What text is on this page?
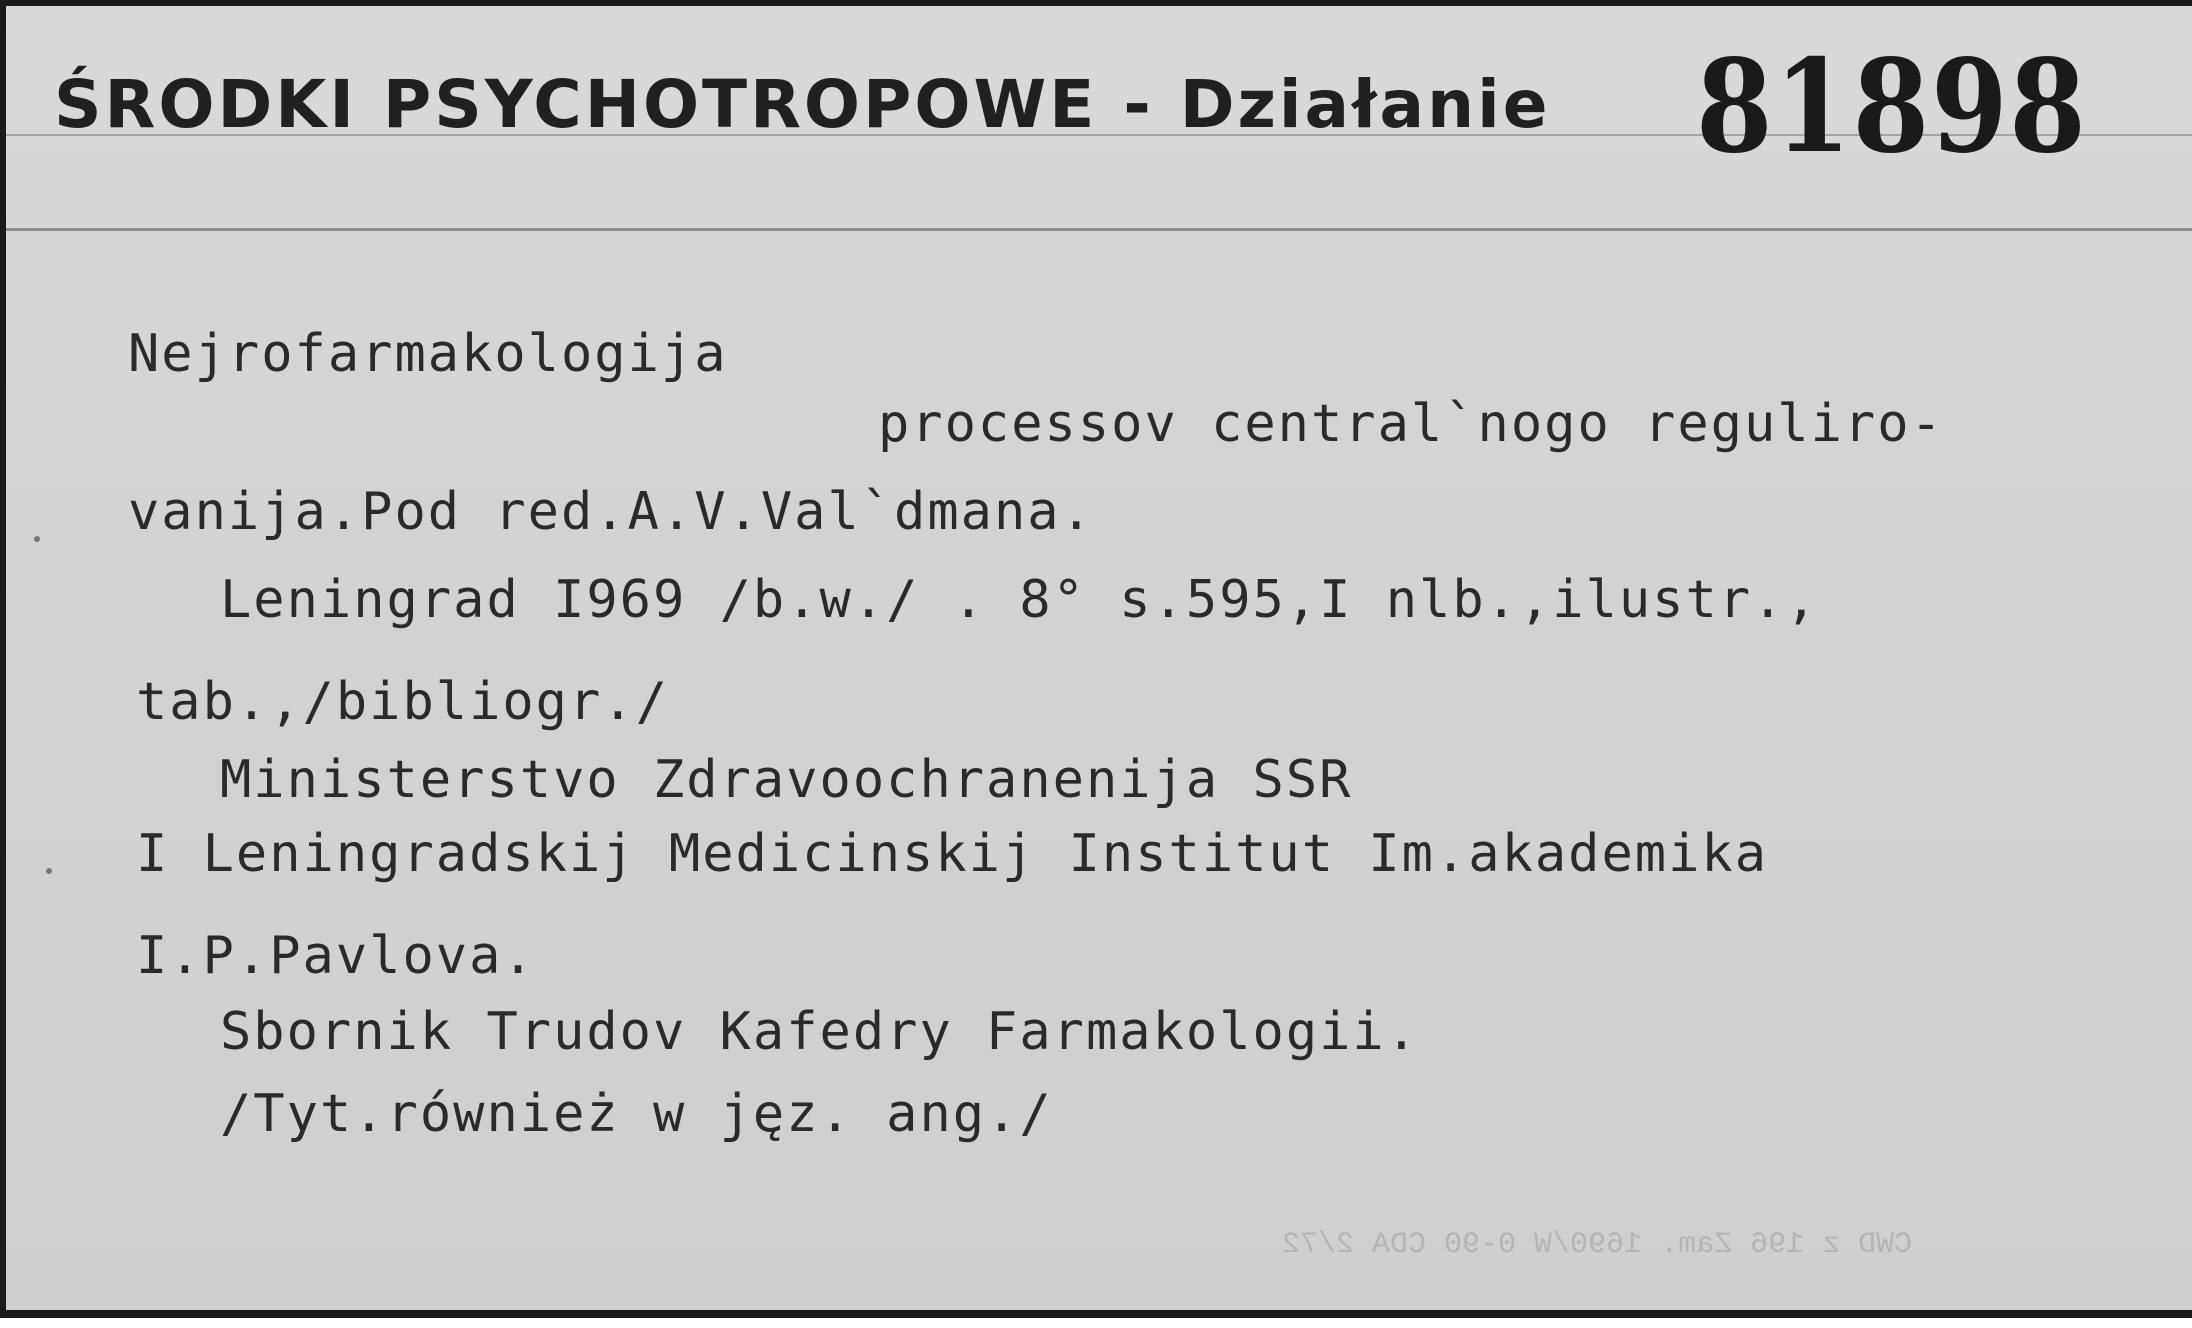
ŚRODKI PSYCHOTROPOWE - Działanie 81898
Nejrofarmakologija
processov central`nogo reguliro-
vanija.Pod red.A.V.Val`dmana.
Leningrad I969 /b.w./ . 8° s.595,I nlb.,ilustr.,
tab.,/bibliogr./
Ministerstvo Zdravoochranenija SSR
I Leningradskij Medicinskij Institut Im.akademika
I.P.Pavlova.
Sbornik Trudov Kafedry Farmakologii.
/Tyt.również w jęz. ang./
CWD z 196 Zam. 1690/W 0-90 CDA 2/72
